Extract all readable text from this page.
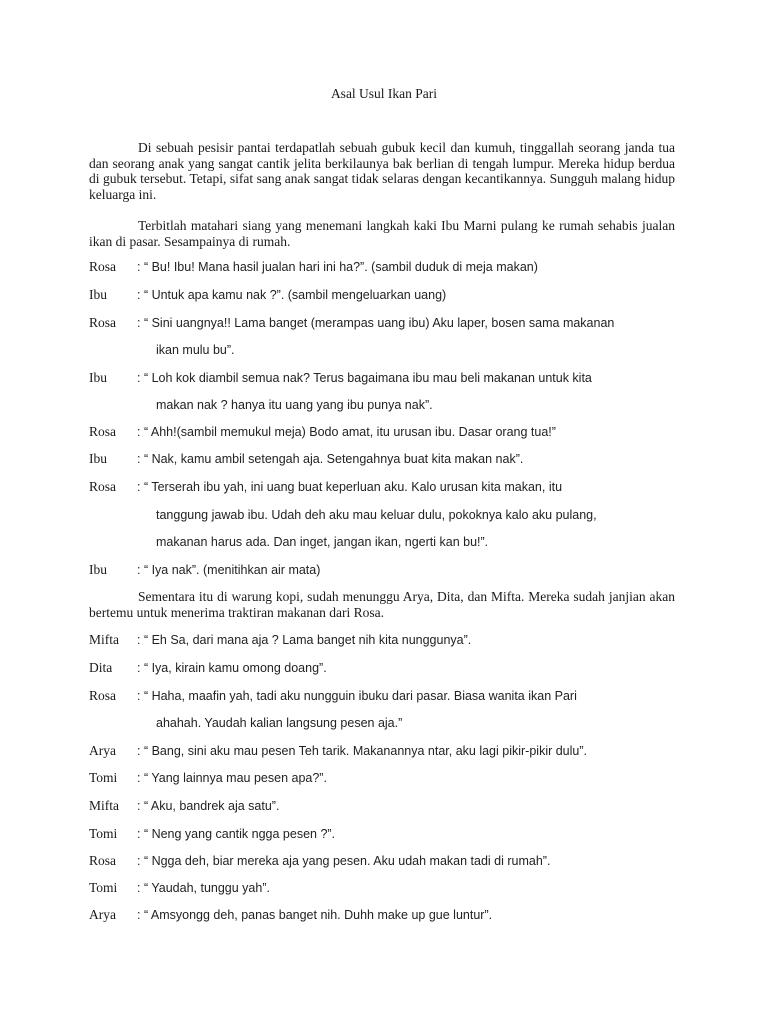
Asal Usul Ikan Pari
Di sebuah pesisir pantai terdapatlah sebuah gubuk kecil dan kumuh, tinggallah seorang janda tua dan seorang anak yang sangat cantik jelita berkilaunya bak berlian di tengah lumpur. Mereka hidup berdua di gubuk tersebut. Tetapi, sifat sang anak sangat tidak selaras dengan kecantikannya. Sungguh malang hidup keluarga ini.
Terbitlah matahari siang yang menemani langkah kaki Ibu Marni pulang ke rumah sehabis jualan ikan di pasar. Sesampainya di rumah.
Rosa : “ Bu! Ibu! Mana hasil jualan hari ini ha?”. (sambil duduk di meja makan)
Ibu : “ Untuk apa kamu nak ?”. (sambil mengeluarkan uang)
Rosa : “ Sini uangnya!! Lama banget (merampas uang ibu) Aku laper, bosen sama makanan
ikan mulu bu”.
Ibu : “ Loh kok diambil semua nak? Terus bagaimana ibu mau beli makanan untuk kita
makan nak ? hanya itu uang yang ibu punya nak”.
Rosa : “ Ahh!(sambil memukul meja) Bodo amat, itu urusan ibu. Dasar orang tua!”
Ibu : “ Nak, kamu ambil setengah aja. Setengahnya buat kita makan nak”.
Rosa : “ Terserah ibu yah, ini uang buat keperluan aku. Kalo urusan kita makan, itu
tanggung jawab ibu. Udah deh aku mau keluar dulu, pokoknya kalo aku pulang,
makanan harus ada. Dan inget, jangan ikan, ngerti kan bu!”.
Ibu : “ Iya nak”. (menitihkan air mata)
Sementara itu di warung kopi, sudah menunggu Arya, Dita, dan Mifta. Mereka sudah janjian akan bertemu untuk menerima traktiran makanan dari Rosa.
Mifta : “ Eh Sa, dari mana aja ? Lama banget nih kita nunggunya”.
Dita : “ Iya, kirain kamu omong doang”.
Rosa : “ Haha, maafin yah, tadi aku nungguin ibuku dari pasar. Biasa wanita ikan Pari
ahahah. Yaudah kalian langsung pesen aja.”
Arya : “ Bang, sini aku mau pesen Teh tarik. Makanannya ntar, aku lagi pikir-pikir dulu”.
Tomi : “ Yang lainnya mau pesen apa?”.
Mifta : “ Aku, bandrek aja satu”.
Tomi : “ Neng yang cantik ngga pesen ?”.
Rosa : “ Ngga deh, biar mereka aja yang pesen. Aku udah makan tadi di rumah”.
Tomi : “ Yaudah, tunggu yah”.
Arya : “ Amsyongg deh, panas banget nih. Duhh make up gue luntur”.
